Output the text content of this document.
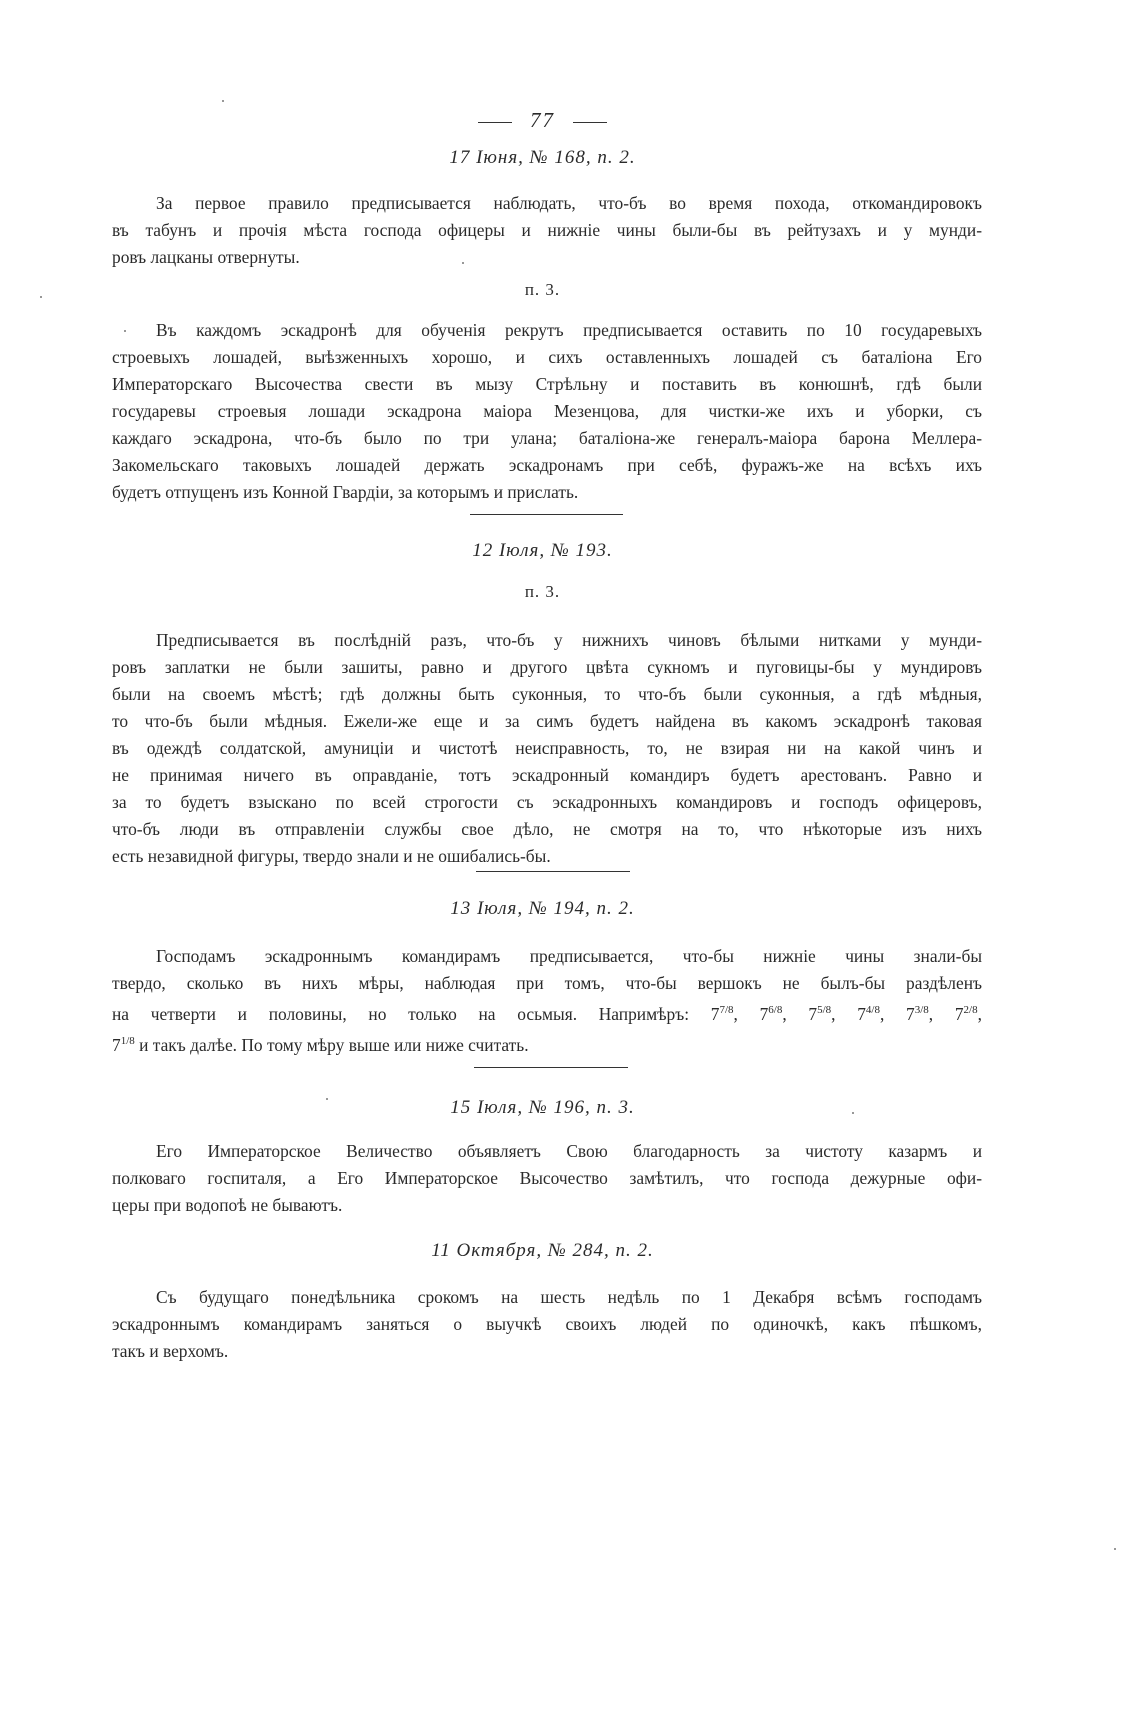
77
17 Іюня, № 168, п. 2.
За первое правило предписывается наблюдать, что-бъ во время похода, откомандировокъ
въ табунъ и прочія мѣста господа офицеры и нижніе чины были-бы въ рейтузахъ и у мунди-
ровъ лацканы отвернуты.
п. 3.
Въ каждомъ эскадронѣ для обученія рекрутъ предписывается оставить по 10 государевыхъ
строевыхъ лошадей, выѣзженныхъ хорошо, и сихъ оставленныхъ лошадей съ баталіона Его
Императорскаго Высочества свести въ мызу Стрѣльну и поставить въ конюшнѣ, гдѣ были
государевы строевыя лошади эскадрона маіора Мезенцова, для чистки-же ихъ и уборки, съ
каждаго эскадрона, что-бъ было по три улана; баталіона-же генералъ-маіора барона Меллера-
Закомельскаго таковыхъ лошадей держать эскадронамъ при себѣ, фуражъ-же на всѣхъ ихъ
будетъ отпущенъ изъ Конной Гвардіи, за которымъ и прислать.
12 Іюля, № 193.
п. 3.
Предписывается въ послѣдній разъ, что-бъ у нижнихъ чиновъ бѣлыми нитками у мунди-
ровъ заплатки не были зашиты, равно и другого цвѣта сукномъ и пуговицы-бы у мундировъ
были на своемъ мѣстѣ; гдѣ должны быть суконныя, то что-бъ были суконныя, а гдѣ мѣдныя,
то что-бъ были мѣдныя. Ежели-же еще и за симъ будетъ найдена въ какомъ эскадронѣ таковая
въ одеждѣ солдатской, амуниціи и чистотѣ неисправность, то, не взирая ни на какой чинъ и
не принимая ничего въ оправданіе, тотъ эскадронный командиръ будетъ арестованъ. Равно и
за то будетъ взыскано по всей строгости съ эскадронныхъ командировъ и господъ офицеровъ,
что-бъ люди въ отправленіи службы свое дѣло, не смотря на то, что нѣкоторые изъ нихъ
есть незавидной фигуры, твердо знали и не ошибались-бы.
13 Іюля, № 194, п. 2.
Господамъ эскадроннымъ командирамъ предписывается, что-бы нижніе чины знали-бы
твердо, сколько въ нихъ мѣры, наблюдая при томъ, что-бы вершокъ не былъ-бы раздѣленъ
на четверти и половины, но только на осьмыя. Напримѣръ: $7^{7/8}$, $7^{6/8}$, $7^{5/8}$, $7^{4/8}$, $7^{3/8}$, $7^{2/8}$,
$7^{1/8}$ и такъ далѣе. По тому мѣру выше или ниже считать.
15 Іюля, № 196, п. 3.
Его Императорское Величество объявляетъ Свою благодарность за чистоту казармъ и
полковаго госпиталя, а Его Императорское Высочество замѣтилъ, что господа дежурные офи-
церы при водопоѣ не бываютъ.
11 Октября, № 284, п. 2.
Съ будущаго понедѣльника срокомъ на шесть недѣль по 1 Декабря всѣмъ господамъ
эскадроннымъ командирамъ заняться о выучкѣ своихъ людей по одиночкѣ, какъ пѣшкомъ,
такъ и верхомъ.
